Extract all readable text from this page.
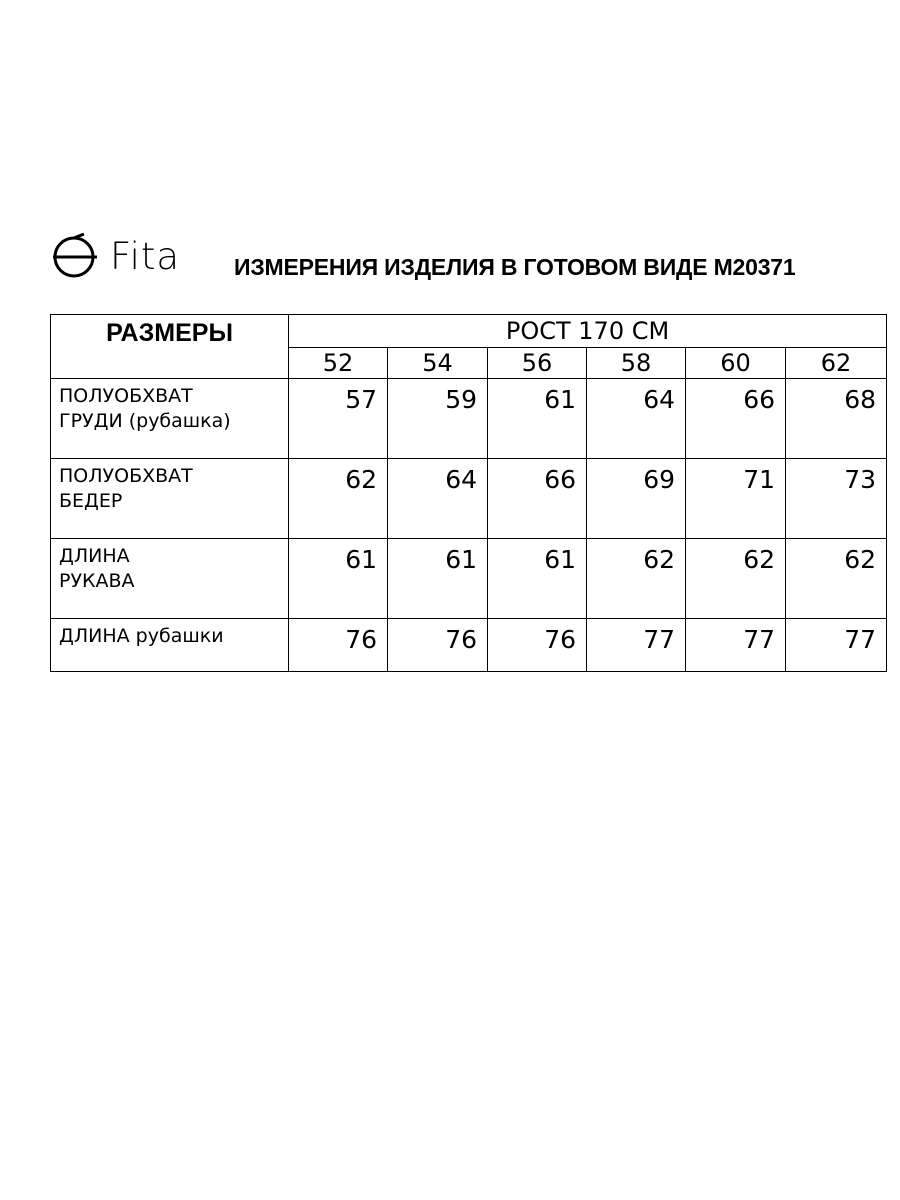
Fita ИЗМЕРЕНИЯ ИЗДЕЛИЯ В ГОТОВОМ ВИДЕ М20371
РАЗМЕРЫ	РОСТ 170 СМ					
	52	54	56	58	60	62
ПОЛУОБХВАТ
ГРУДИ (рубашка)	57	59	61	64	66	68
ПОЛУОБХВАТ
БЕДЕР	62	64	66	69	71	73
ДЛИНА
РУКАВА	61	61	61	62	62	62
ДЛИНА рубашки	76	76	76	77	77	77
